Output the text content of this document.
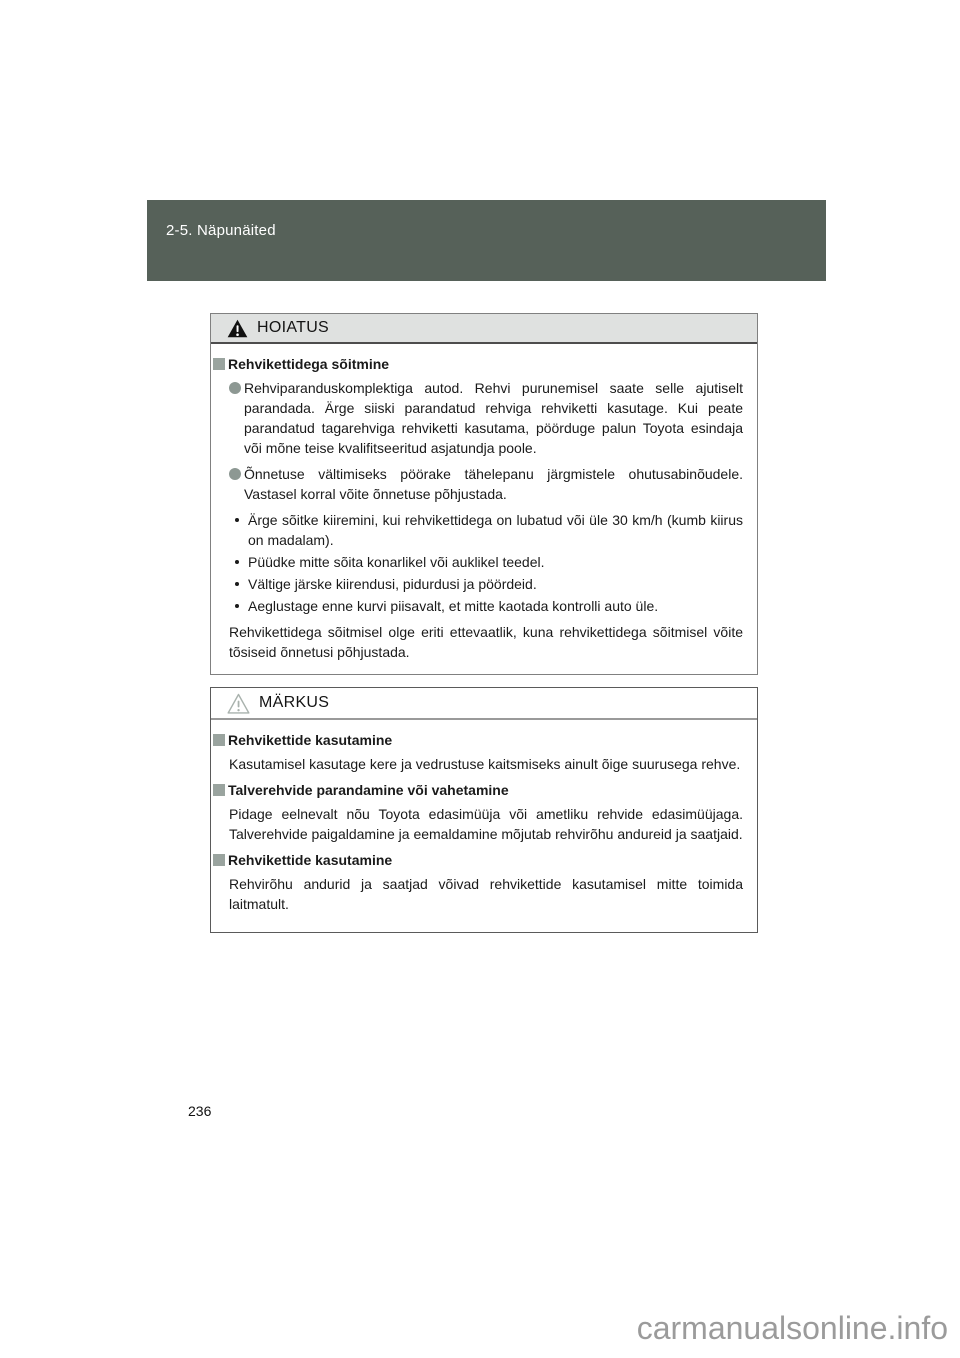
2-5. Näpunäited
HOIATUS
Rehvikettidega sõitmine

Rehviparanduskomplektiga autod. Rehvi purunemisel saate selle ajutiselt parandada. Ärge siiski parandatud rehviga rehviketti kasutage. Kui peate parandatud tagarehviga rehviketti kasutama, pöörduge palun Toyota esindaja või mõne teise kvalifitseeritud asjatundja poole.

Õnnetuse vältimiseks pöörake tähelepanu järgmistele ohutusabinõudele. Vastasel korral võite õnnetuse põhjustada.

Ärge sõitke kiiremini, kui rehvikettidega on lubatud või üle 30 km/h (kumb kiirus on madalam).

Püüdke mitte sõita konarlikel või auklikel teedel.

Vältige järske kiirendusi, pidurdusi ja pöördeid.

Aeglustage enne kurvi piisavalt, et mitte kaotada kontrolli auto üle.

Rehvikettidega sõitmisel olge eriti ettevaatlik, kuna rehvikettidega sõitmisel võite tõsiseid õnnetusi põhjustada.

MÄRKUS
Rehvikettide kasutamine

Kasutamisel kasutage kere ja vedrustuse kaitsmiseks ainult õige suurusega rehve.

Talverehvide parandamine või vahetamine

Pidage eelnevalt nõu Toyota edasimüüja või ametliku rehvide edasimüüjaga. Talverehvide paigaldamine ja eemaldamine mõjutab rehvirõhu andureid ja saatjaid.

Rehvikettide kasutamine

Rehvirõhu andurid ja saatjad võivad rehvikettide kasutamisel mitte toimida laitmatult.

236
carmanualsonline.info
